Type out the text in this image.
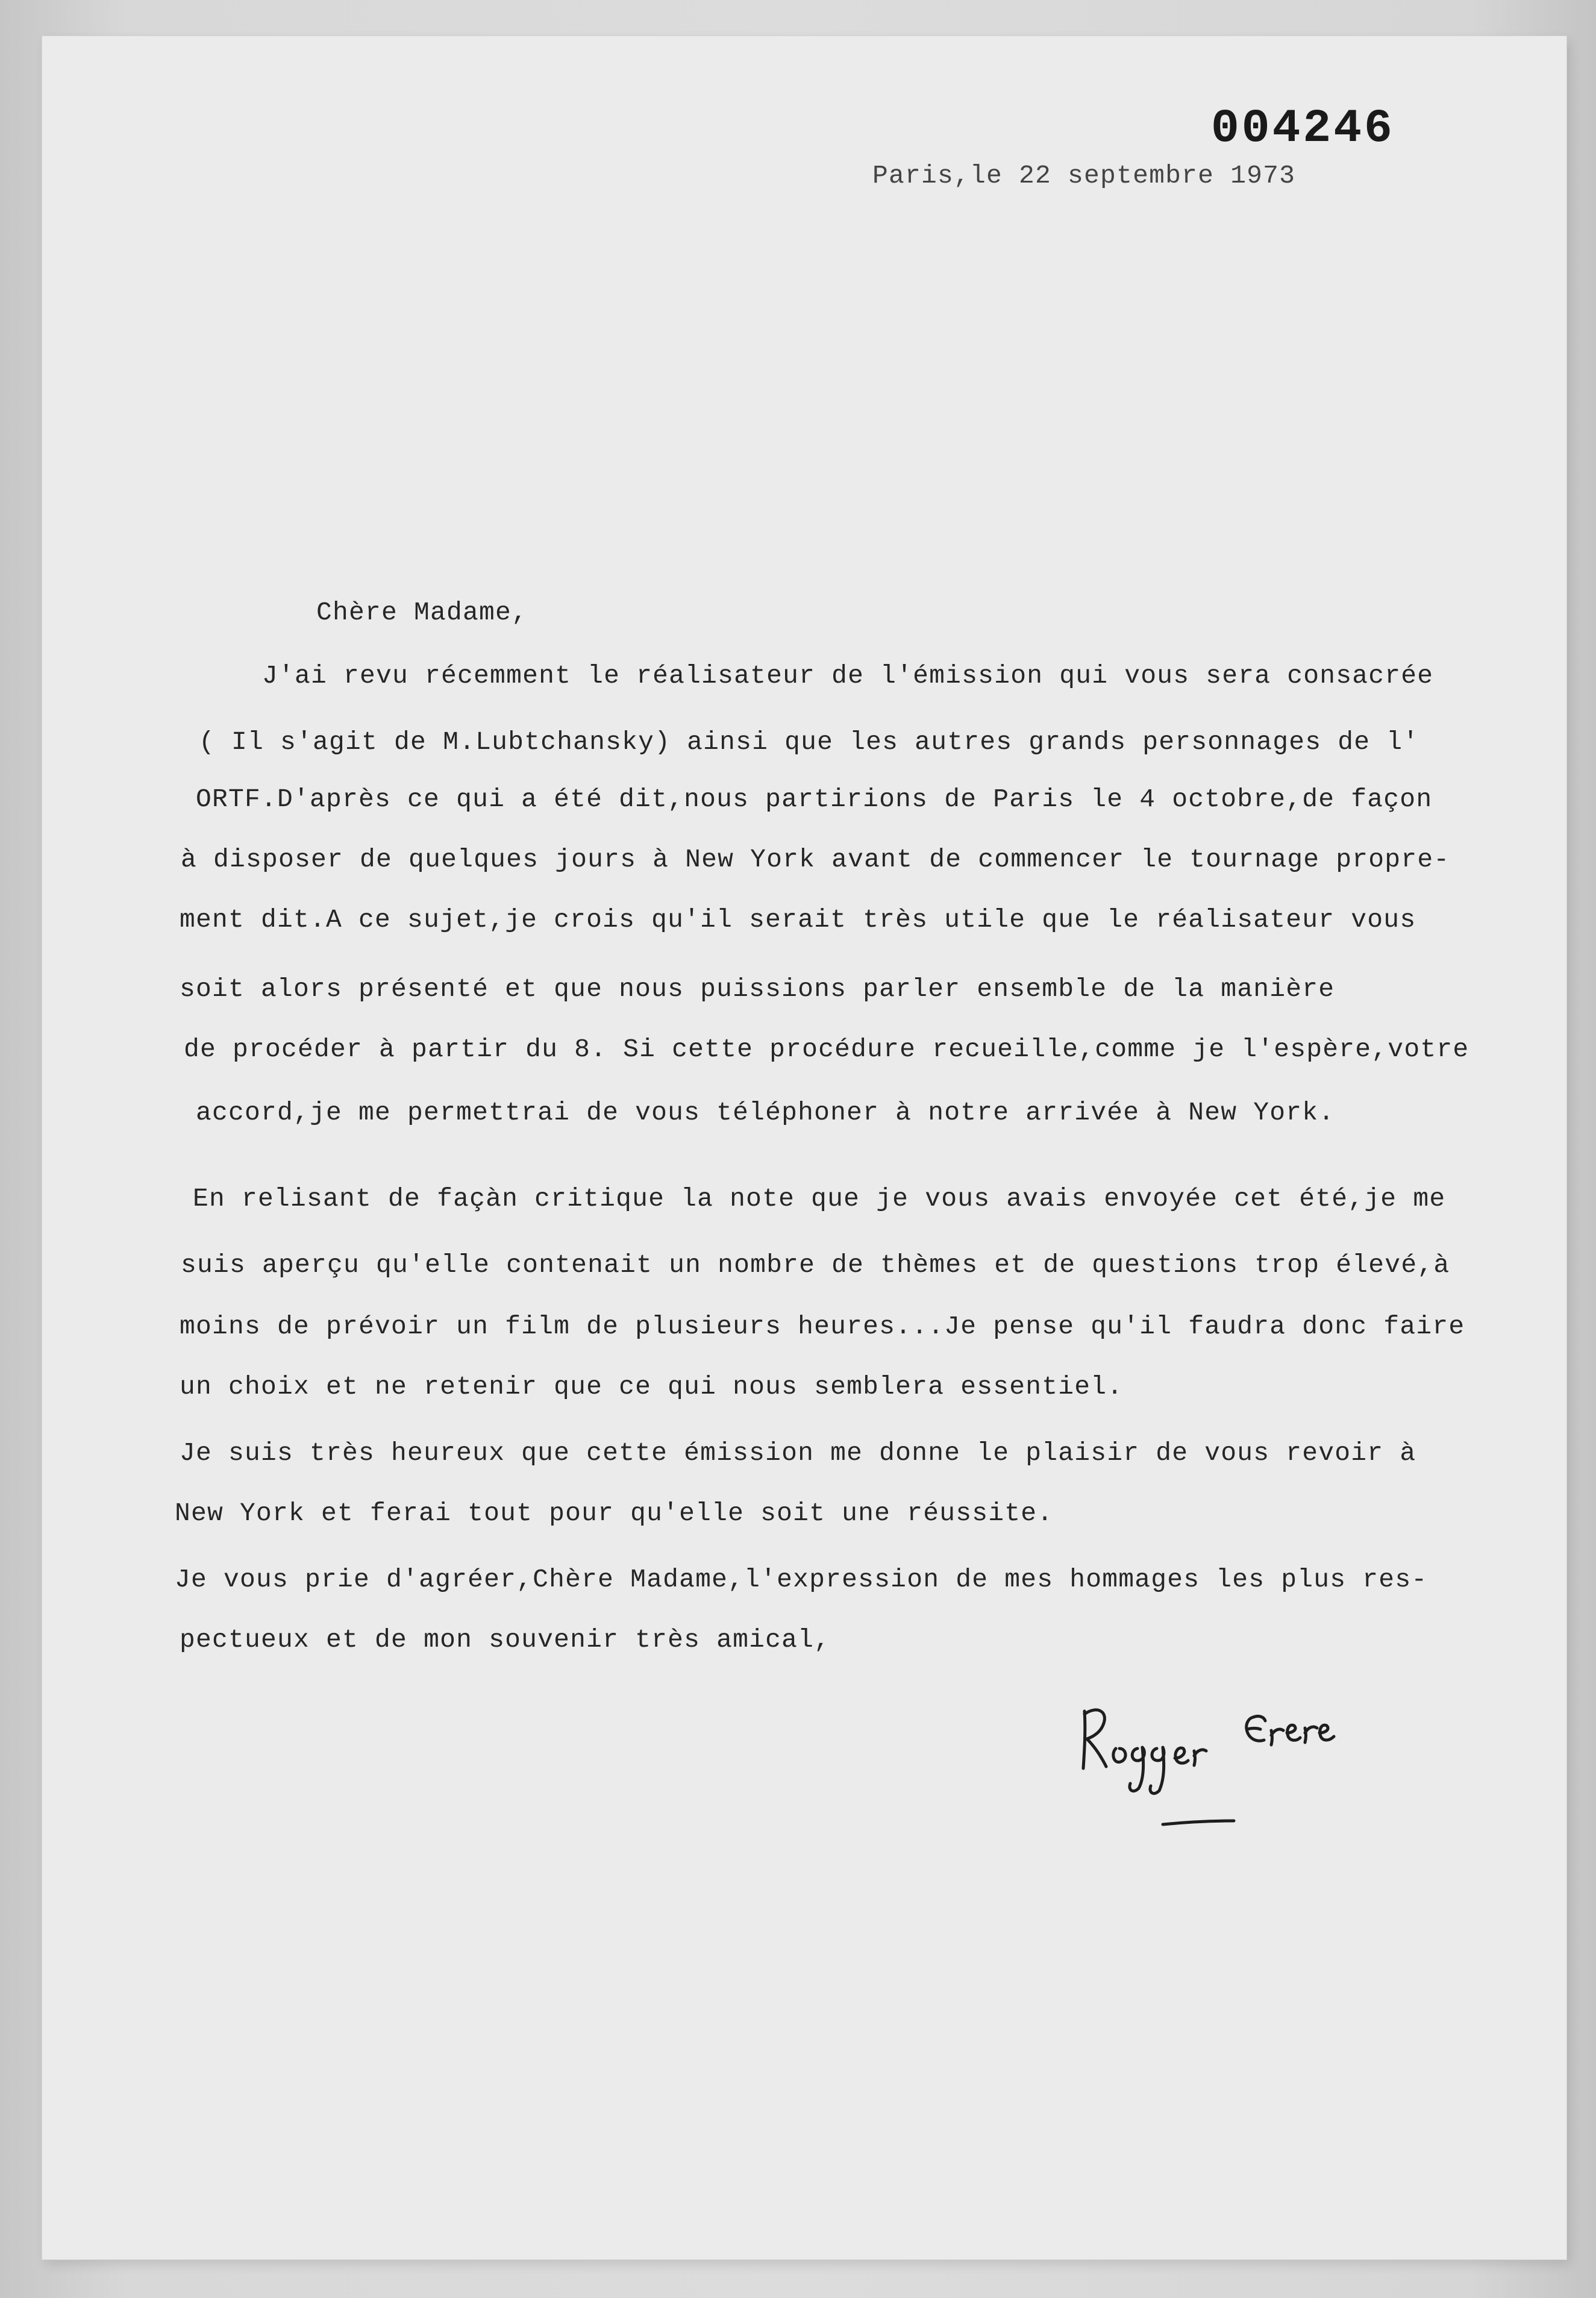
004246
Paris,le 22 septembre 1973
Chère Madame,
J'ai revu récemment le réalisateur de l'émission qui vous sera consacrée
( Il s'agit de M.Lubtchansky) ainsi que les autres grands personnages de l'
ORTF.D'après ce qui a été dit,nous partirions de Paris le 4 octobre,de façon
à disposer de quelques jours à New York avant de commencer le tournage propre-
ment dit.A ce sujet,je crois qu'il serait très utile que le réalisateur vous
soit alors présenté et que nous puissions parler ensemble de la manière
de procéder à partir du 8. Si cette procédure recueille,comme je l'espère,votre
accord,je me permettrai de vous téléphoner à notre arrivée à New York.
En relisant de façàn critique la note que je vous avais envoyée cet été,je me
suis aperçu qu'elle contenait un nombre de thèmes et de questions trop élevé,à
moins de prévoir un film de plusieurs heures...Je pense qu'il faudra donc faire
un choix et ne retenir que ce qui nous semblera essentiel.
Je suis très heureux que cette émission me donne le plaisir de vous revoir à
New York et ferai tout pour qu'elle soit une réussite.
Je vous prie d'agréer,Chère Madame,l'expression de mes hommages les plus res-
pectueux et de mon souvenir très amical,
